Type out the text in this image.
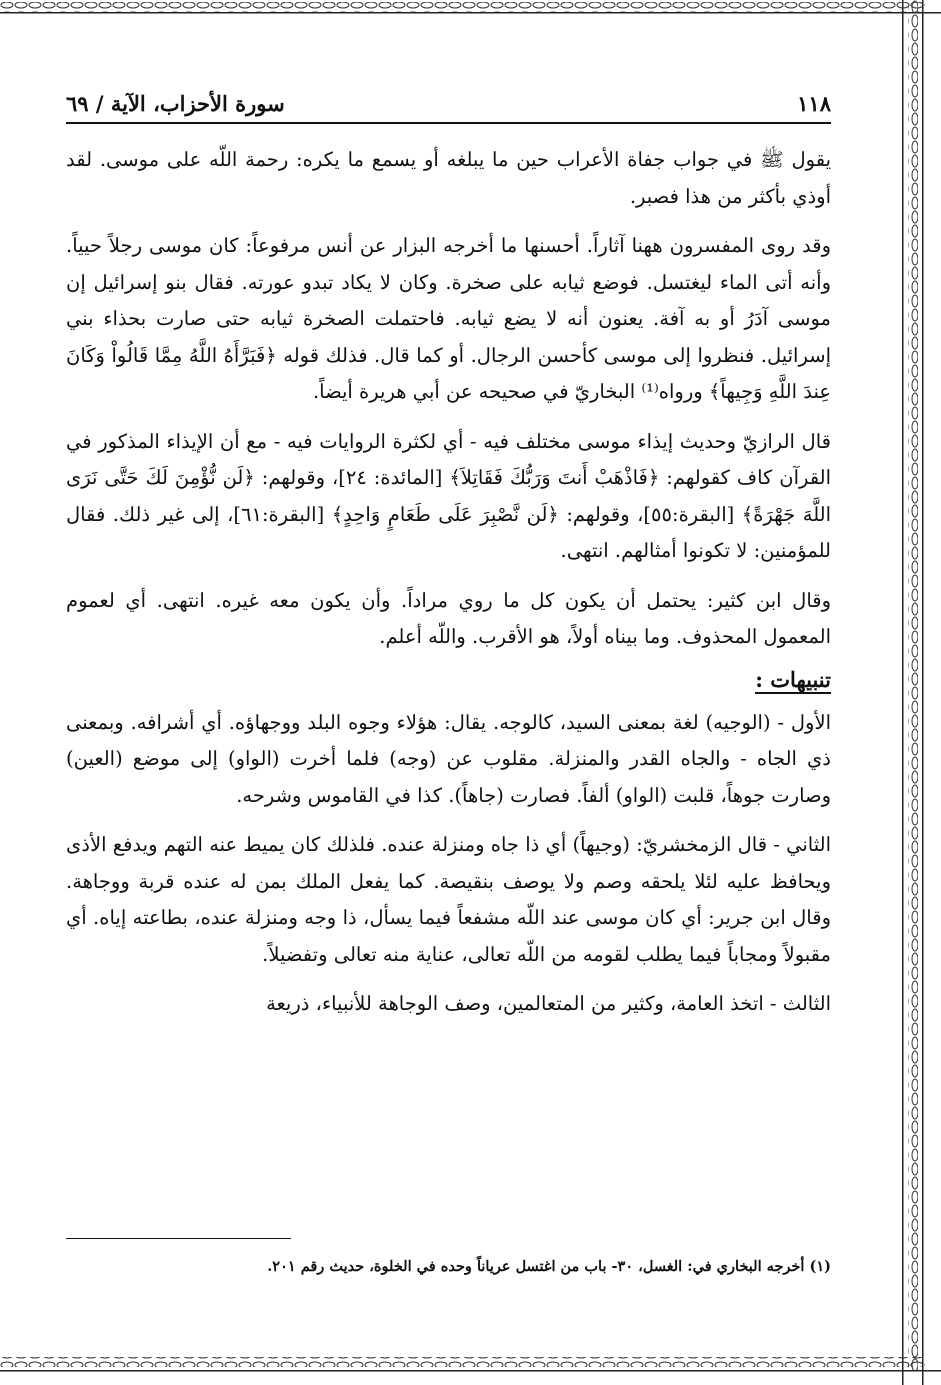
١١٨
سورة الأحزاب، الآية / ٦٩

يقول ﷺ في جواب جفاة الأعراب حين ما يبلغه أو يسمع ما يكره: رحمة اللّه على موسى. لقد أوذي بأكثر من هذا فصبر.

وقد روى المفسرون ههنا آثاراً. أحسنها ما أخرجه البزار عن أنس مرفوعاً: كان موسى رجلاً حيياً. وأنه أتى الماء ليغتسل. فوضع ثيابه على صخرة. وكان لا يكاد تبدو عورته. فقال بنو إسرائيل إن موسى آدَرُ أو به آفة. يعنون أنه لا يضع ثيابه. فاحتملت الصخرة ثيابه حتى صارت بحذاء بني إسرائيل. فنظروا إلى موسى كأحسن الرجال. أو كما قال. فذلك قوله ﴿فَبَرَّأَهُ اللَّهُ مِمَّا قَالُواْ وَكَانَ عِندَ اللَّهِ وَجِيهاً﴾ ورواه⁽¹⁾ البخاريّ في صحيحه عن أبي هريرة أيضاً.

قال الرازيّ وحديث إيذاء موسى مختلف فيه - أي لكثرة الروايات فيه - مع أن الإيذاء المذكور في القرآن كاف كقولهم: ﴿فَاذْهَبْ أَنتَ وَرَبُّكَ فَقَاتِلاَ﴾ [المائدة: ٢٤]، وقولهم: ﴿لَن نُّؤْمِنَ لَكَ حَتَّى نَرَى اللَّهَ جَهْرَةً﴾ [البقرة:٥٥]، وقولهم: ﴿لَن نَّصْبِرَ عَلَى طَعَامٍ وَاحِدٍ﴾ [البقرة:٦١]، إلى غير ذلك. فقال للمؤمنين: لا تكونوا أمثالهم. انتهى.

وقال ابن كثير: يحتمل أن يكون كل ما روي مراداً. وأن يكون معه غيره. انتهى. أي لعموم المعمول المحذوف. وما بيناه أولاً، هو الأقرب. واللّه أعلم.

تنبيهات :

الأول - (الوجيه) لغة بمعنى السيد، كالوجه. يقال: هؤلاء وجوه البلد ووجهاؤه. أي أشرافه. وبمعنى ذي الجاه - والجاه القدر والمنزلة. مقلوب عن (وجه) فلما أخرت (الواو) إلى موضع (العين) وصارت جوهاً، قلبت (الواو) ألفاً. فصارت (جاهاً). كذا في القاموس وشرحه.

الثاني - قال الزمخشريّ: (وجيهاً) أي ذا جاه ومنزلة عنده. فلذلك كان يميط عنه التهم ويدفع الأذى ويحافظ عليه لئلا يلحقه وصم ولا يوصف بنقيصة. كما يفعل الملك بمن له عنده قربة ووجاهة. وقال ابن جرير: أي كان موسى عند اللّه مشفعاً فيما يسأل، ذا وجه ومنزلة عنده، بطاعته إياه. أي مقبولاً ومجاباً فيما يطلب لقومه من اللّه تعالى، عناية منه تعالى وتفضيلاً.

الثالث - اتخذ العامة، وكثير من المتعالمين، وصف الوجاهة للأنبياء، ذريعة

(١) أخرجه البخاري في: الغسل، ٣٠- باب من اغتسل عرياناً وحده في الخلوة، حديث رقم ٢٠١.
